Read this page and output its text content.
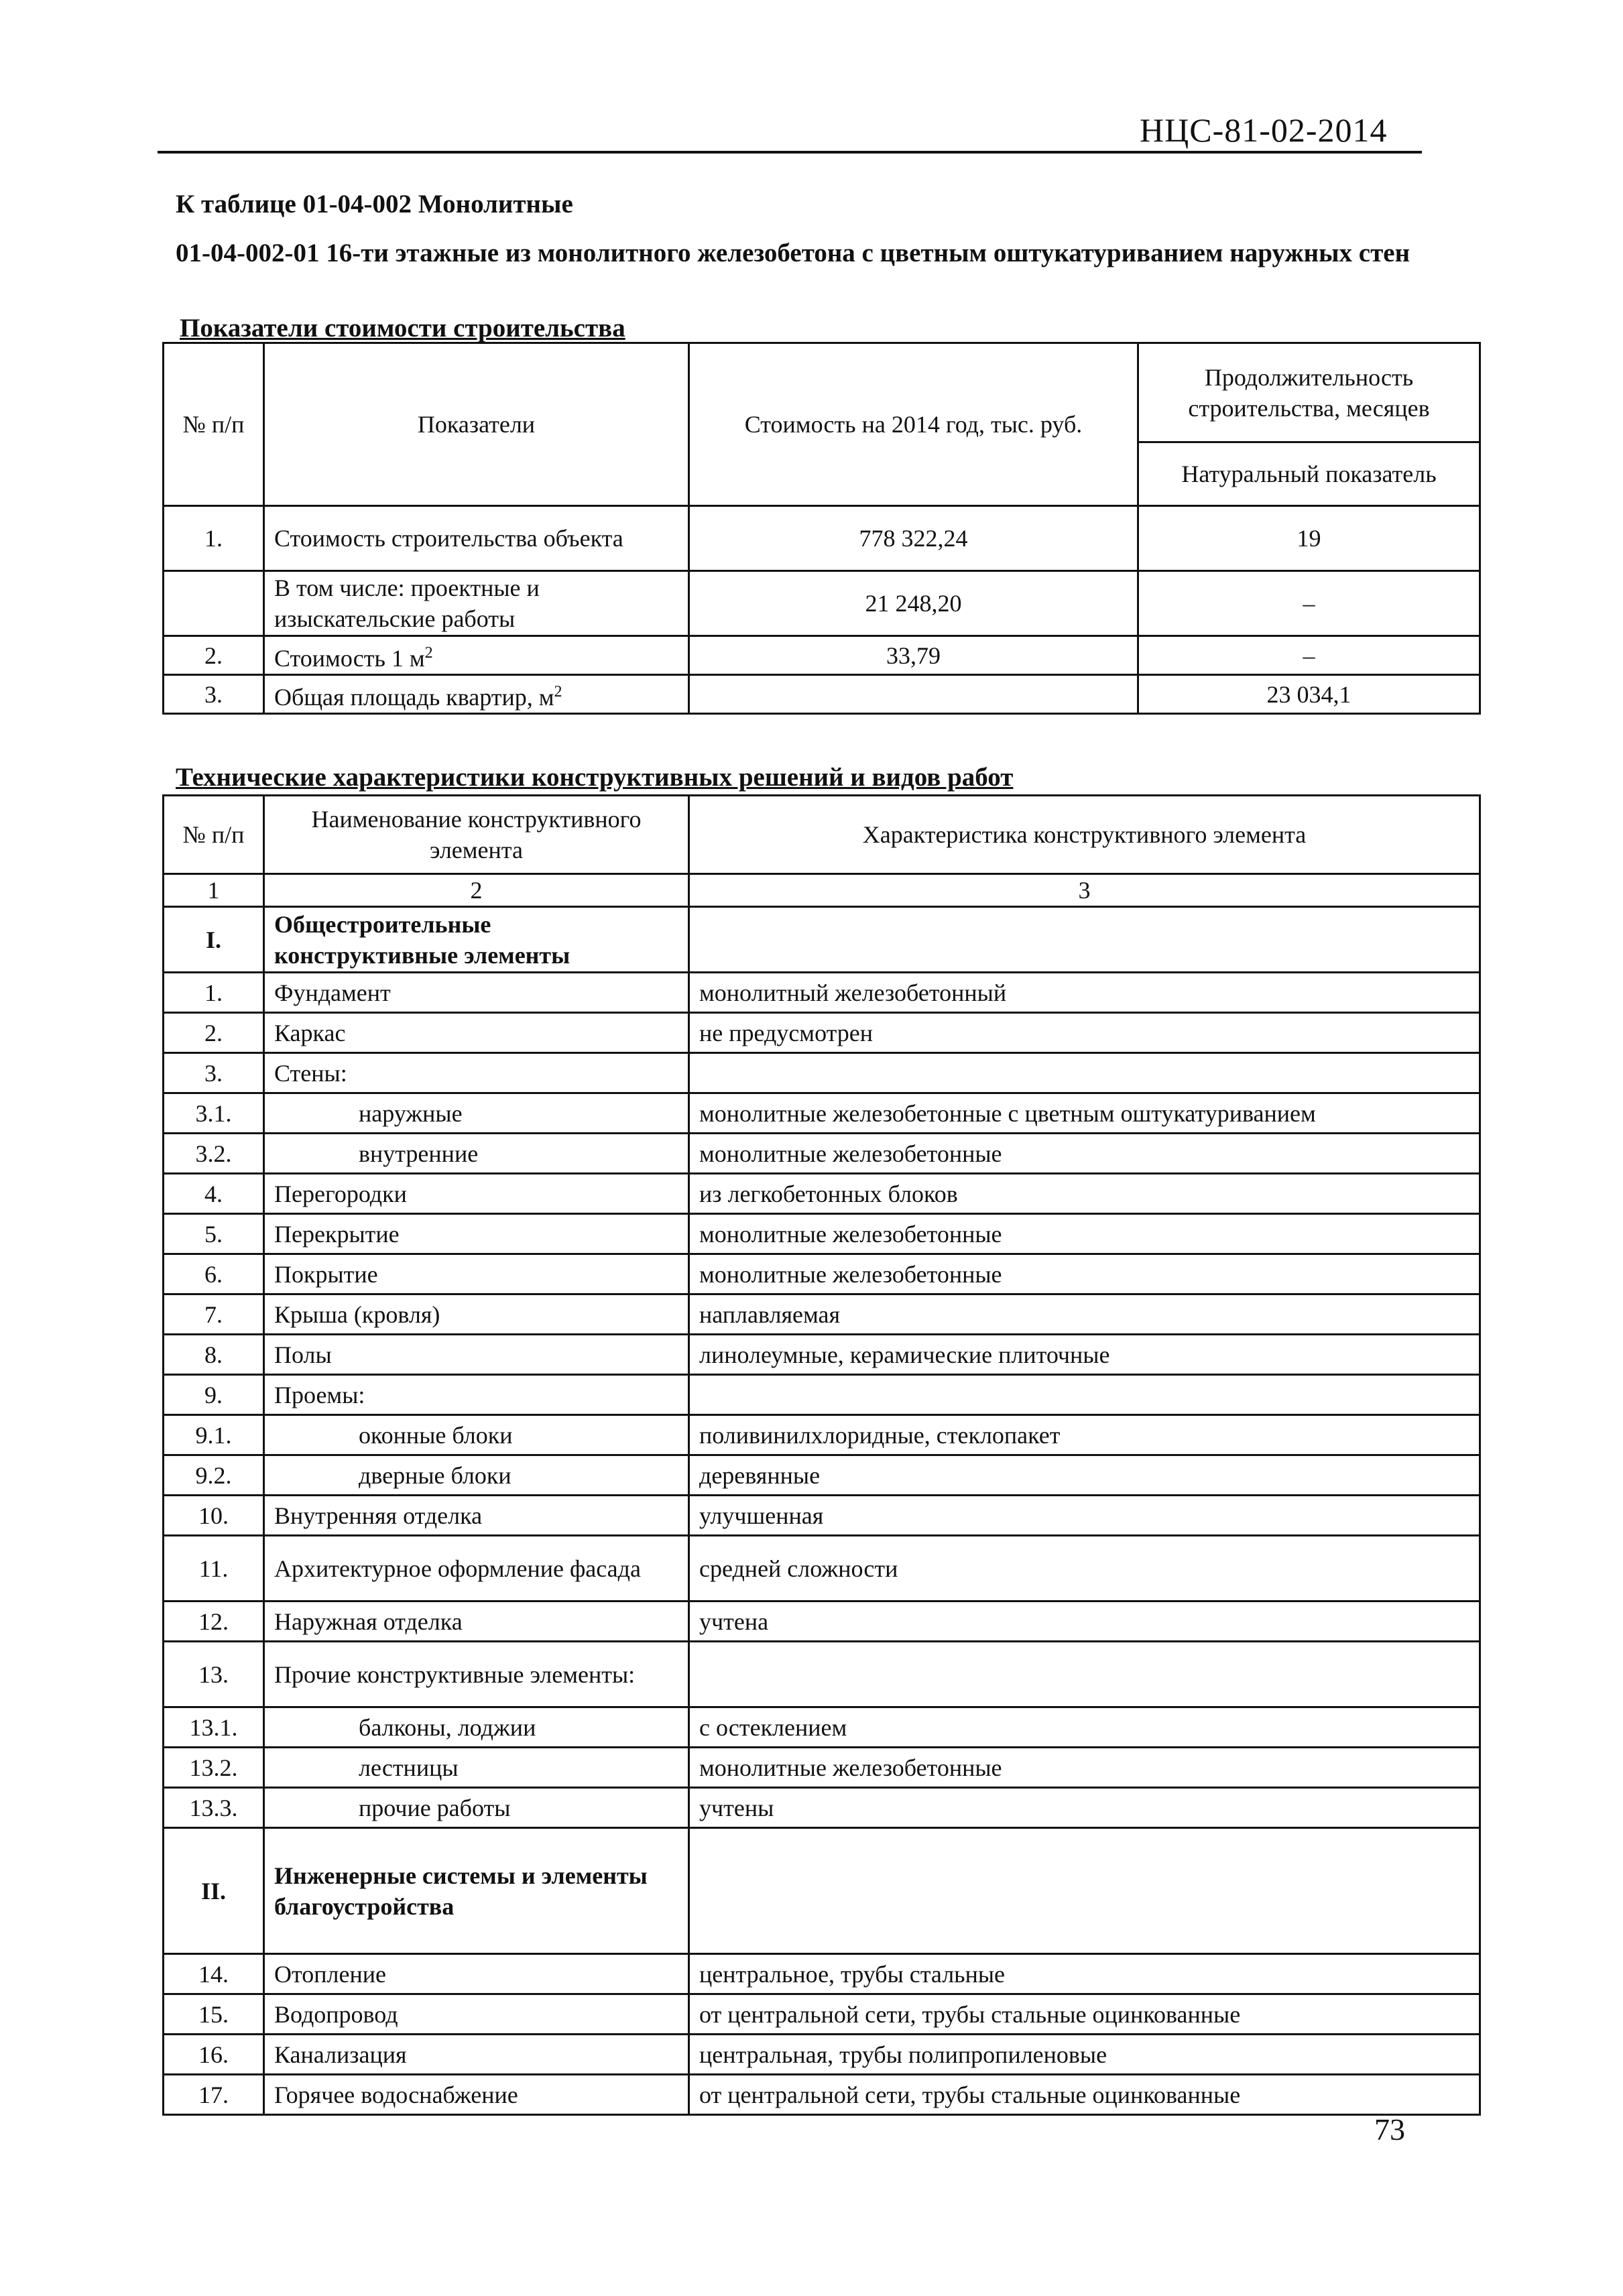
НЦС-81-02-2014
К таблице 01-04-002 Монолитные
01-04-002-01 16-ти этажные из монолитного железобетона с цветным оштукатуриванием наружных стен
Показатели стоимости строительства
№ п/п	Показатели	Стоимость на 2014 год, тыс. руб.	Продолжительность строительства, месяцев
			Натуральный показатель
1.	Стоимость строительства объекта	778 322,24	19
	В том числе: проектные и изыскательские работы	21 248,20	–
2.	Стоимость 1 $м^2$	33,79	–
3.	Общая площадь квартир, $м^2$		23 034,1
Технические характеристики конструктивных решений и видов работ
№ п/п	Наименование конструктивного элемента	Характеристика конструктивного элемента
1	2	3
I.	Общестроительные конструктивные элементы	
1.	Фундамент	монолитный железобетонный
2.	Каркас	не предусмотрен
3.	Стены:	
3.1.	наружные	монолитные железобетонные с цветным оштукатуриванием
3.2.	внутренние	монолитные железобетонные
4.	Перегородки	из легкобетонных блоков
5.	Перекрытие	монолитные железобетонные
6.	Покрытие	монолитные железобетонные
7.	Крыша (кровля)	наплавляемая
8.	Полы	линолеумные, керамические плиточные
9.	Проемы:	
9.1.	оконные блоки	поливинилхлоридные, стеклопакет
9.2.	дверные блоки	деревянные
10.	Внутренняя отделка	улучшенная
11.	Архитектурное оформление фасада	средней сложности
12.	Наружная отделка	учтена
13.	Прочие конструктивные элементы:	
13.1.	балконы, лоджии	с остеклением
13.2.	лестницы	монолитные железобетонные
13.3.	прочие работы	учтены
II.	Инженерные системы и элементы благоустройства	
14.	Отопление	центральное, трубы стальные
15.	Водопровод	от центральной сети, трубы стальные оцинкованные
16.	Канализация	центральная, трубы полипропиленовые
17.	Горячее водоснабжение	от центральной сети, трубы стальные оцинкованные
73
